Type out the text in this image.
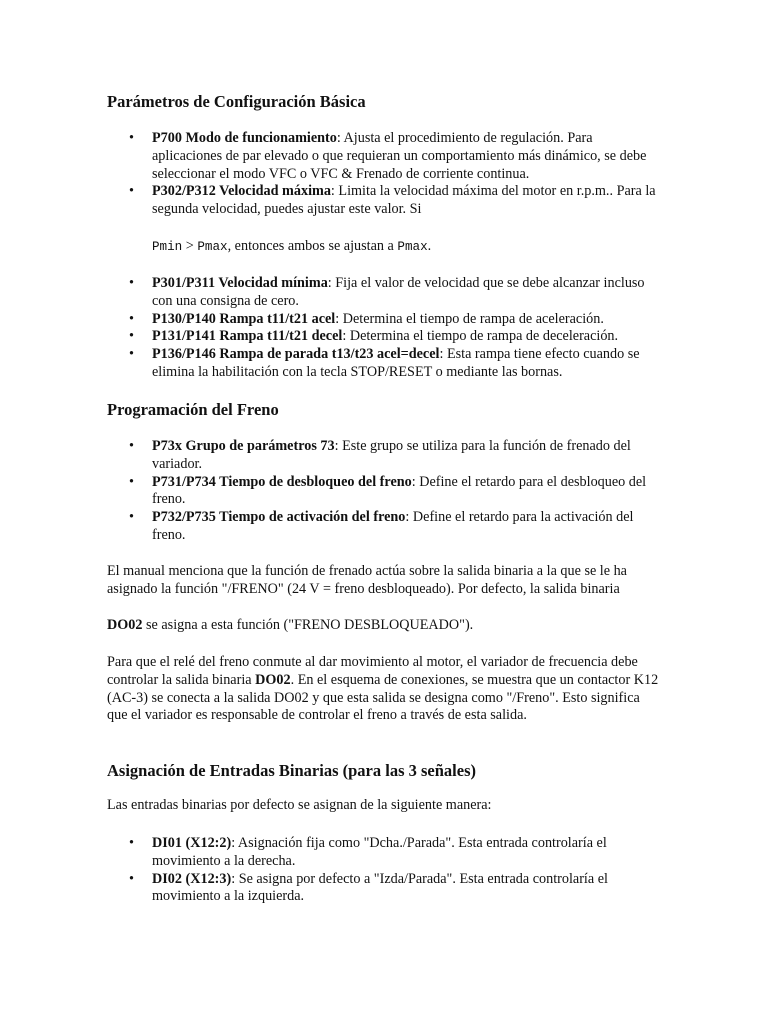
Parámetros de Configuración Básica
• P700 Modo de funcionamiento: Ajusta el procedimiento de regulación. Para aplicaciones de par elevado o que requieran un comportamiento más dinámico, se debe seleccionar el modo VFC o VFC & Frenado de corriente continua.
• P302/P312 Velocidad máxima: Limita la velocidad máxima del motor en r.p.m.. Para la segunda velocidad, puedes ajustar este valor. Si

Pmin > Pmax, entonces ambos se ajustan a Pmax.

• P301/P311 Velocidad mínima: Fija el valor de velocidad que se debe alcanzar incluso con una consigna de cero.
• P130/P140 Rampa t11/t21 acel: Determina el tiempo de rampa de aceleración.
• P131/P141 Rampa t11/t21 decel: Determina el tiempo de rampa de deceleración.
• P136/P146 Rampa de parada t13/t23 acel=decel: Esta rampa tiene efecto cuando se elimina la habilitación con la tecla STOP/RESET o mediante las bornas.
Programación del Freno
• P73x Grupo de parámetros 73: Este grupo se utiliza para la función de frenado del variador.
• P731/P734 Tiempo de desbloqueo del freno: Define el retardo para el desbloqueo del freno.
• P732/P735 Tiempo de activación del freno: Define el retardo para la activación del freno.

El manual menciona que la función de frenado actúa sobre la salida binaria a la que se le ha asignado la función "/FRENO" (24 V = freno desbloqueado). Por defecto, la salida binaria

DO02 se asigna a esta función ("FRENO DESBLOQUEADO").

Para que el relé del freno conmute al dar movimiento al motor, el variador de frecuencia debe controlar la salida binaria DO02. En el esquema de conexiones, se muestra que un contactor K12 (AC-3) se conecta a la salida DO02 y que esta salida se designa como "/Freno". Esto significa que el variador es responsable de controlar el freno a través de esta salida.

Asignación de Entradas Binarias (para las 3 señales)

Las entradas binarias por defecto se asignan de la siguiente manera:

• DI01 (X12:2): Asignación fija como "Dcha./Parada". Esta entrada controlaría el movimiento a la derecha.
• DI02 (X12:3): Se asigna por defecto a "Izda/Parada". Esta entrada controlaría el movimiento a la izquierda.
